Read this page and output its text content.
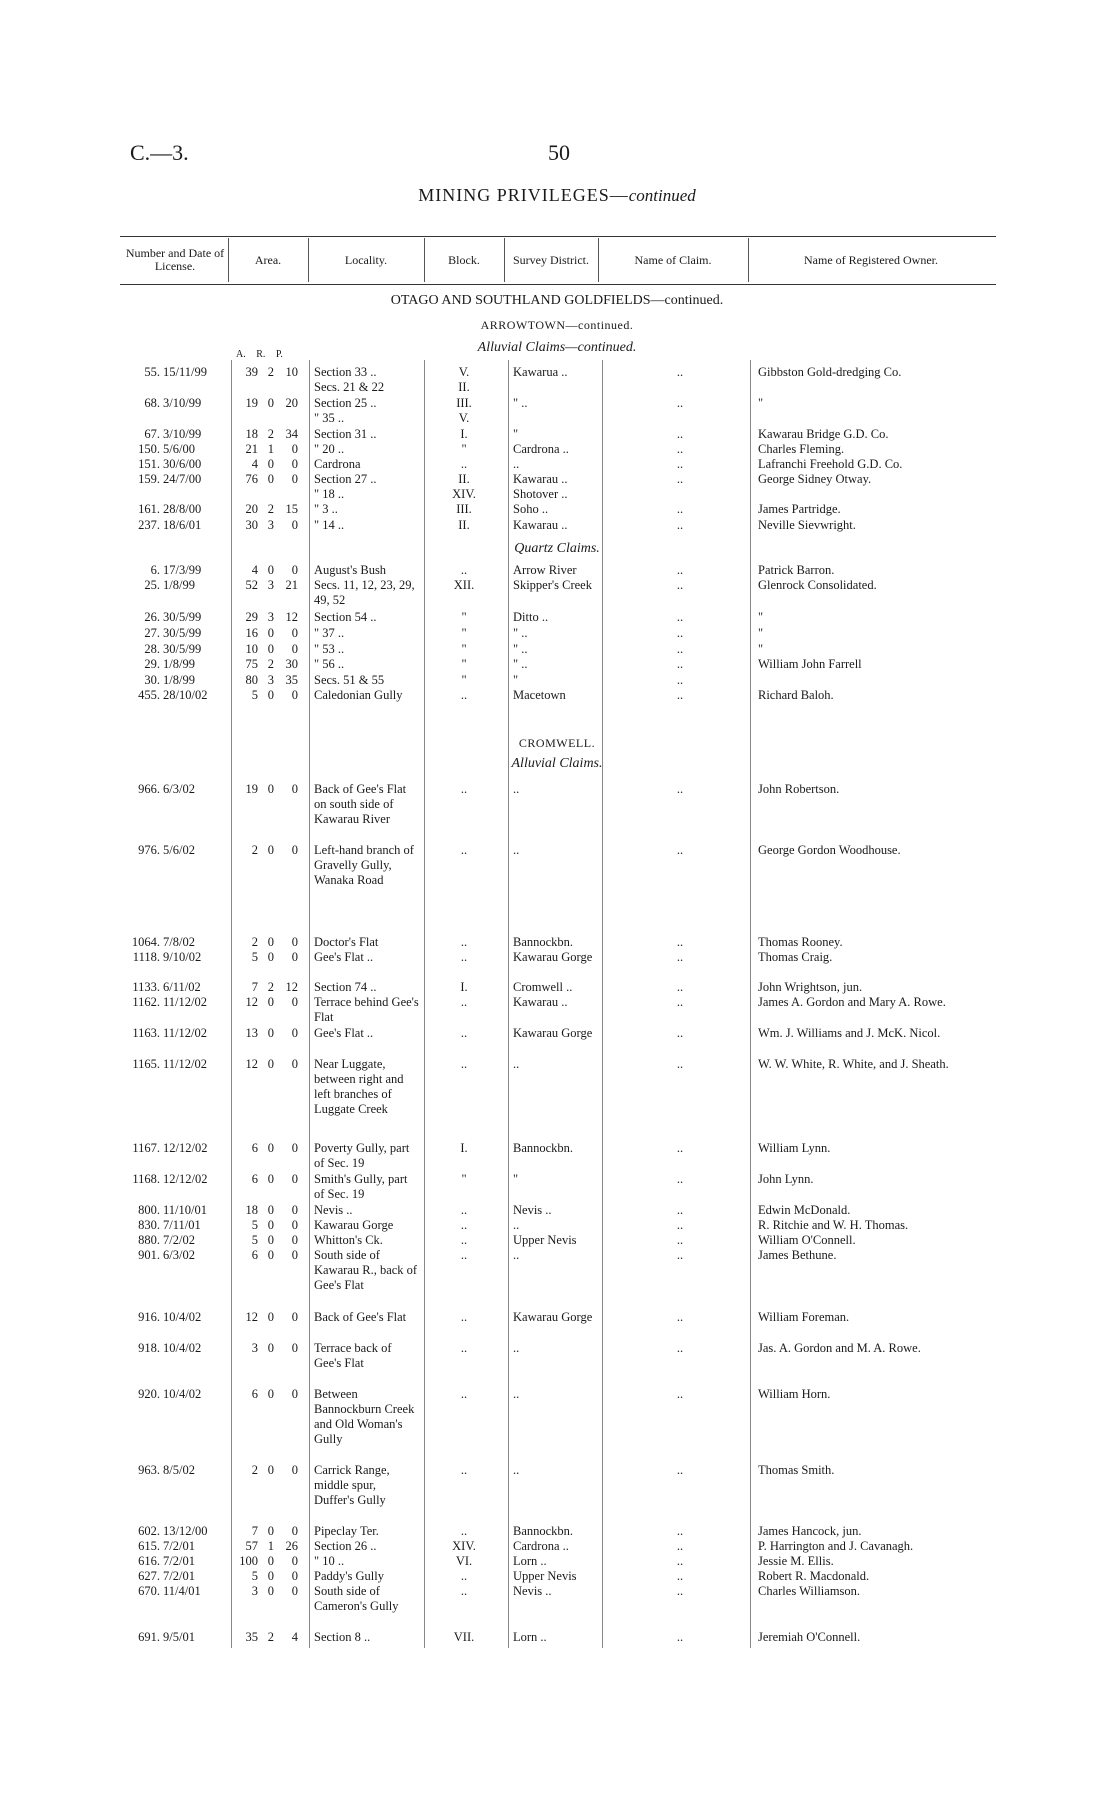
C.—3.	50
MINING PRIVILEGES—continued
Number and Date of License.	Area.	Locality.	Block.	Survey District.	Name of Claim.	Name of Registered Owner.
OTAGO AND SOUTHLAND GOLDFIELDS—continued.
ARROWTOWN—continued.
Alluvial Claims—continued.
A. R. P.
55. 15/11/99	39 2 10 Section 33 ..	V.	Kawarua ..	..	Gibbston Gold-dredging Co.
Secs. 21 & 22	II.
68. 3/10/99	19 0 20 Section 25 ..	III.	" ..	..	"
" 35 ..	V.
67. 3/10/99	18 2 34 Section 31 ..	I.	"	..	Kawarau Bridge G.D. Co.
150. 5/6/00	21 1	0 " 20 ..	"	Cardrona ..	..	Charles Fleming.
151. 30/6/00	4 0	0 Cardrona	..	..	..	Lafranchi Freehold G.D. Co.
159. 24/7/00	76 0	0 Section 27 ..	II.	Kawarau ..	..	George Sidney Otway.
" 18 ..	XIV.	Shotover ..
161. 28/8/00	20 2 15 " 3 ..	III.	Soho ..	..	James Partridge.
237. 18/6/01	30 3	0 " 14 ..	II.	Kawarau ..	..	Neville Sievwright.
Quartz Claims.
6. 17/3/99	4 0	0 August's Bush	..	Arrow River	..	Patrick Barron.
25. 1/8/99	52 3 21 Secs. 11, 12, 23, 29, 49, 52
XII.	Skipper's Creek	..	Glenrock Consolidated.
26. 30/5/99	29 3 12 Section 54 ..	"	Ditto ..	..	"
27. 30/5/99	16 0	0 " 37 ..	"	" ..	..	"
28. 30/5/99	10 0	0 " 53 ..	"	" ..	..	"
29. 1/8/99	75 2 30 " 56 ..	"	" ..	..	William John Farrell
30. 1/8/99	80 3 35 Secs. 51 & 55	"	"	..
455. 28/10/02	5 0	0 Caledonian Gully	..	Macetown	..	Richard Baloh.
CROMWELL.
Alluvial Claims.
966. 6/3/02	19 0	0 Back of Gee's Flat on south side of Kawarau River
..	..	..	John Robertson.
976. 5/6/02	2 0	0 Left-hand branch of Gravelly Gully, Wanaka Road
..	..	..	George Gordon Woodhouse.
1064. 7/8/02	2 0	0 Doctor's Flat	..	Bannockbn.	..	Thomas Rooney.
1118. 9/10/02	5 0	0 Gee's Flat ..	..	Kawarau Gorge	..	Thomas Craig.
1133. 6/11/02	7 2 12 Section 74 ..	I.	Cromwell ..	..	John Wrightson, jun.
1162. 11/12/02	12 0	0 Terrace behind Gee's Flat
..	Kawarau ..	..	James A. Gordon and Mary A. Rowe.
1163. 11/12/02	13 0	0 Gee's Flat ..	..	Kawarau Gorge	..	Wm. J. Williams and J. McK. Nicol.
1165. 11/12/02	12 0	0 Near Luggate, between right and left branches of Luggate Creek
..	..	..	W. W. White, R. White, and J. Sheath.
1167. 12/12/02	6 0	0 Poverty Gully, part of Sec. 19
I.	Bannockbn.	..	William Lynn.
1168. 12/12/02	6 0	0 Smith's Gully, part of Sec. 19
"	"	..	John Lynn.
800. 11/10/01	18 0	0 Nevis ..	..	Nevis ..	..	Edwin McDonald.
830. 7/11/01	5 0	0 Kawarau Gorge	..	..	..	R. Ritchie and W. H. Thomas.
880. 7/2/02	5 0	0 Whitton's Ck.	..	Upper Nevis	..	William O'Connell.
901. 6/3/02	6 0	0 South side of Kawarau R., back of Gee's Flat
..	..	..	James Bethune.
916. 10/4/02	12 0	0 Back of Gee's Flat	..	Kawarau Gorge	..	William Foreman.
918. 10/4/02	3 0	0 Terrace back of Gee's Flat
..	..	..	Jas. A. Gordon and M. A. Rowe.
920. 10/4/02	6 0	0 Between Bannockburn Creek and Old Woman's Gully
..	..	..	William Horn.
963. 8/5/02	2 0	0 Carrick Range, middle spur, Duffer's Gully
..	..	..	Thomas Smith.
602. 13/12/00	7 0	0 Pipeclay Ter.	..	Bannockbn.	..	James Hancock, jun.
615. 7/2/01	57 1 26 Section 26 ..	XIV.	Cardrona ..	..	P. Harrington and J. Cavanagh.
616. 7/2/01	100 0	0 " 10 ..	VI.	Lorn ..	..	Jessie M. Ellis.
627. 7/2/01	5 0	0 Paddy's Gully	..	Upper Nevis	..	Robert R. Macdonald.
670. 11/4/01	3 0	0 South side of Cameron's Gully
..	Nevis ..	..	Charles Williamson.
691. 9/5/01	35 2	4 Section 8 ..	VII.	Lorn ..	..	Jeremiah O'Connell.
